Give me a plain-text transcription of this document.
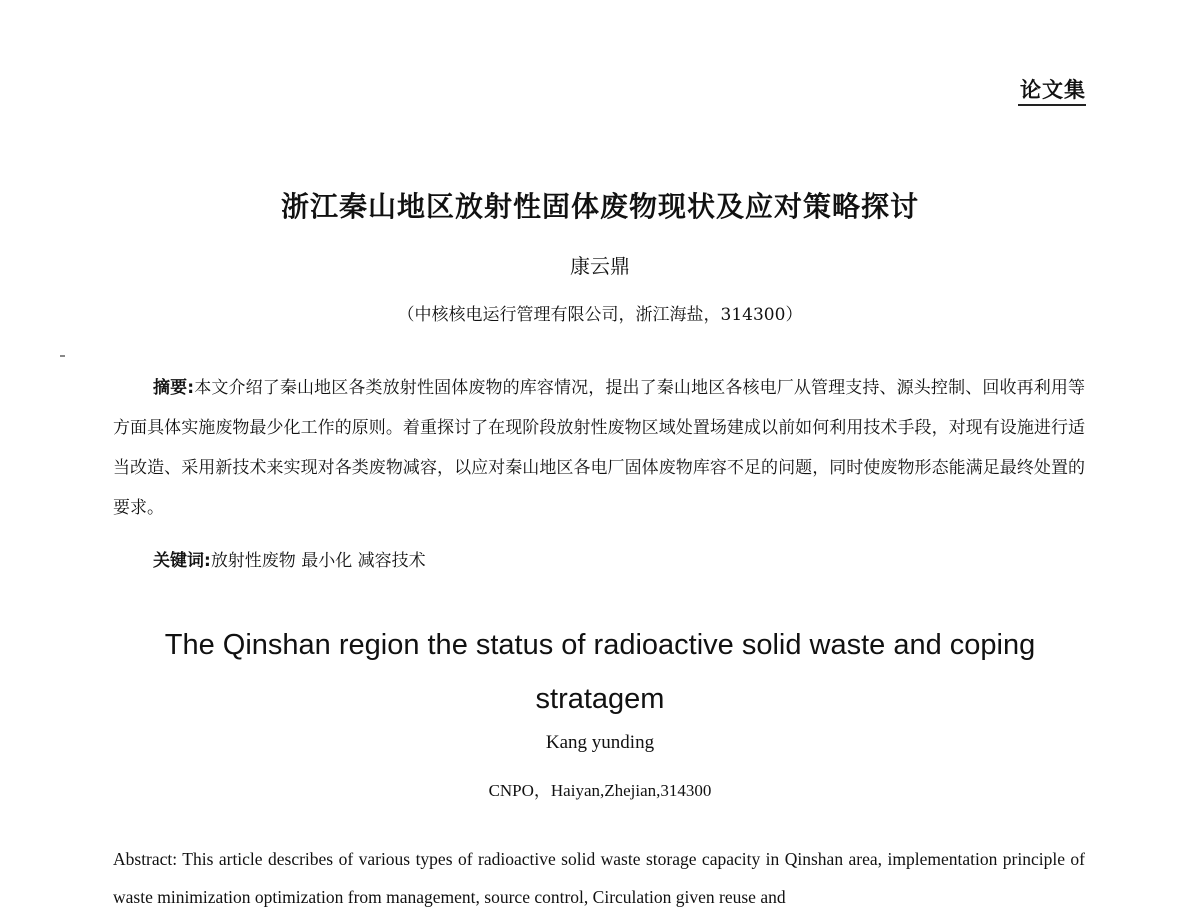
论文集
浙江秦山地区放射性固体废物现状及应对策略探讨
康云鼎
（中核核电运行管理有限公司，浙江海盐，314300）

摘要:本文介绍了秦山地区各类放射性固体废物的库容情况，提出了秦山地区各核电厂从管理支持、源头控制、回收再利用等方面具体实施废物最少化工作的原则。着重探讨了在现阶段放射性废物区域处置场建成以前如何利用技术手段，对现有设施进行适当改造、采用新技术来实现对各类废物减容，以应对秦山地区各电厂固体废物库容不足的问题，同时使废物形态能满足最终处置的要求。

关键词:放射性废物 最小化 减容技术

The Qinshan region the status of radioactive solid waste and coping stratagem

Kang yunding
CNPO，Haiyan,Zhejian,314300

Abstract: This article describes of various types of radioactive solid waste storage capacity in Qinshan area, implementation principle of waste minimization optimization from management, source control, Circulation given reuse and
